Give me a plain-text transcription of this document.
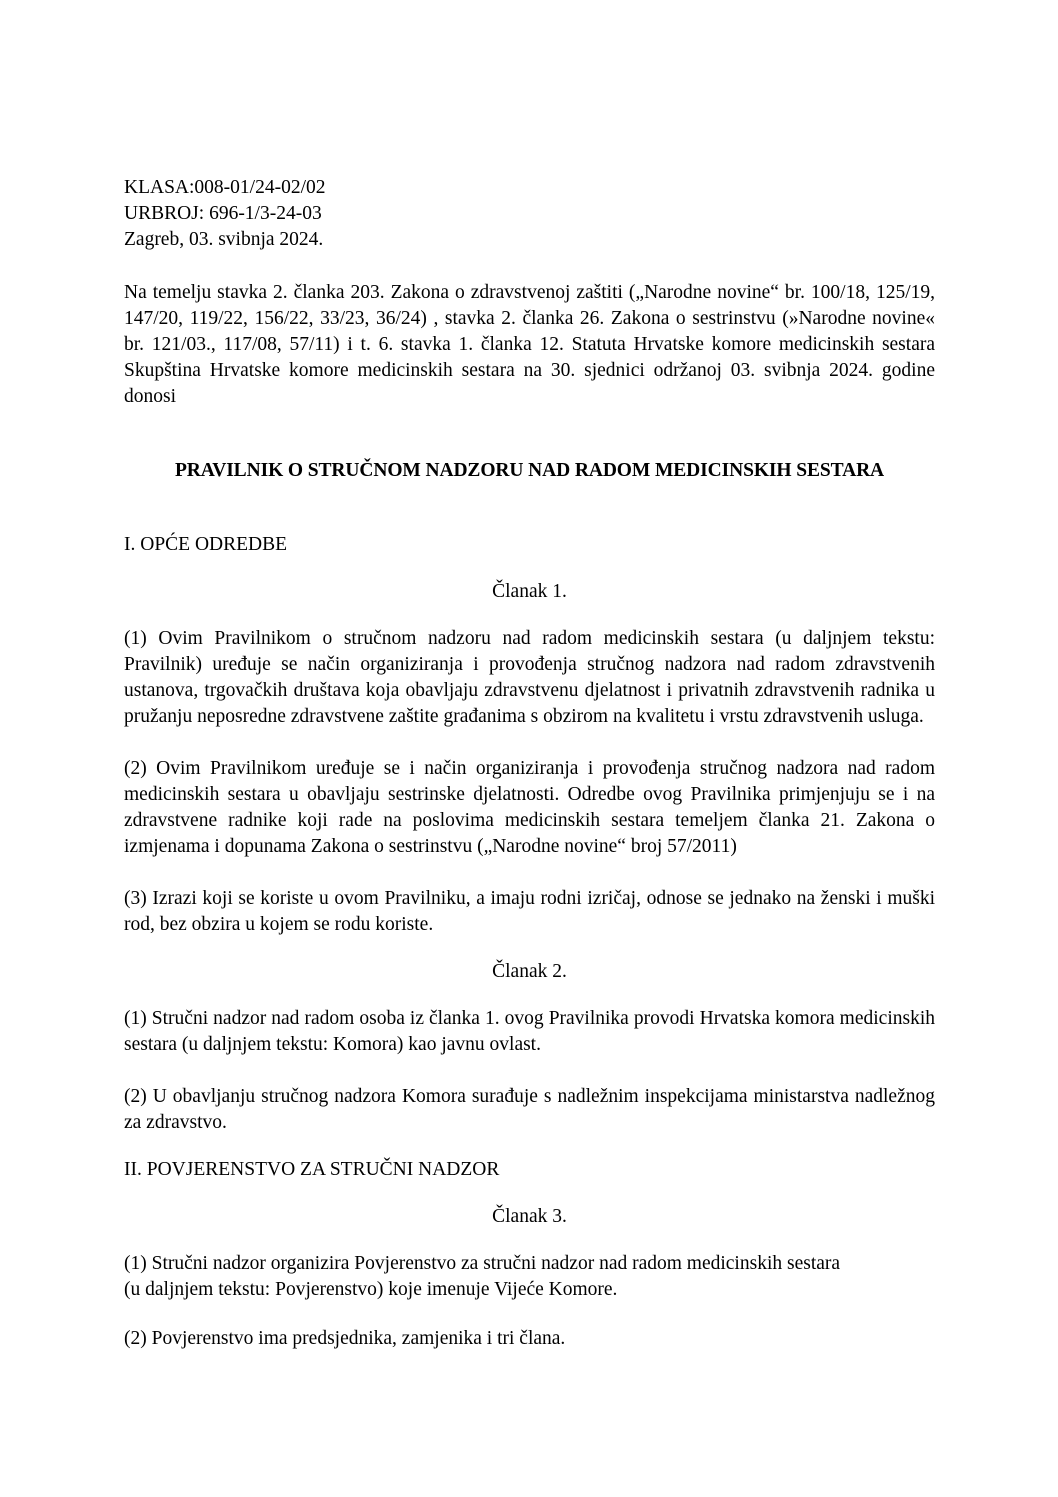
KLASA:008-01/24-02/02
URBROJ: 696-1/3-24-03
Zagreb, 03. svibnja 2024.

Na temelju stavka 2. članka 203. Zakona o zdravstvenoj zaštiti („Narodne novine“ br. 100/18, 125/19, 147/20, 119/22, 156/22, 33/23, 36/24) , stavka 2. članka 26. Zakona o sestrinstvu (»Narodne novine« br. 121/03., 117/08, 57/11) i t. 6. stavka 1. članka 12. Statuta Hrvatske komore medicinskih sestara Skupština Hrvatske komore medicinskih sestara na 30. sjednici održanoj 03. svibnja 2024. godine donosi

PRAVILNIK O STRUČNOM NADZORU NAD RADOM MEDICINSKIH SESTARA

I. OPĆE ODREDBE

Članak 1.

(1) Ovim Pravilnikom o stručnom nadzoru nad radom medicinskih sestara (u daljnjem tekstu: Pravilnik) uređuje se način organiziranja i provođenja stručnog nadzora nad radom zdravstvenih ustanova, trgovačkih društava koja obavljaju zdravstvenu djelatnost i privatnih zdravstvenih radnika u pružanju neposredne zdravstvene zaštite građanima s obzirom na kvalitetu i vrstu zdravstvenih usluga.

(2) Ovim Pravilnikom uređuje se i način organiziranja i provođenja stručnog nadzora nad radom medicinskih sestara u obavljaju sestrinske djelatnosti. Odredbe ovog Pravilnika primjenjuju se i na zdravstvene radnike koji rade na poslovima medicinskih sestara temeljem članka 21. Zakona o izmjenama i dopunama Zakona o sestrinstvu („Narodne novine“ broj 57/2011)

(3) Izrazi koji se koriste u ovom Pravilniku, a imaju rodni izričaj, odnose se jednako na ženski i muški rod, bez obzira u kojem se rodu koriste.

Članak 2.

(1) Stručni nadzor nad radom osoba iz članka 1. ovog Pravilnika provodi Hrvatska komora medicinskih sestara (u daljnjem tekstu: Komora) kao javnu ovlast.

(2) U obavljanju stručnog nadzora Komora surađuje s nadležnim inspekcijama ministarstva nadležnog za zdravstvo.

II. POVJERENSTVO ZA STRUČNI NADZOR

Članak 3.

(1) Stručni nadzor organizira Povjerenstvo za stručni nadzor nad radom medicinskih sestara
(u daljnjem tekstu: Povjerenstvo) koje imenuje Vijeće Komore.

(2) Povjerenstvo ima predsjednika, zamjenika i tri člana.
